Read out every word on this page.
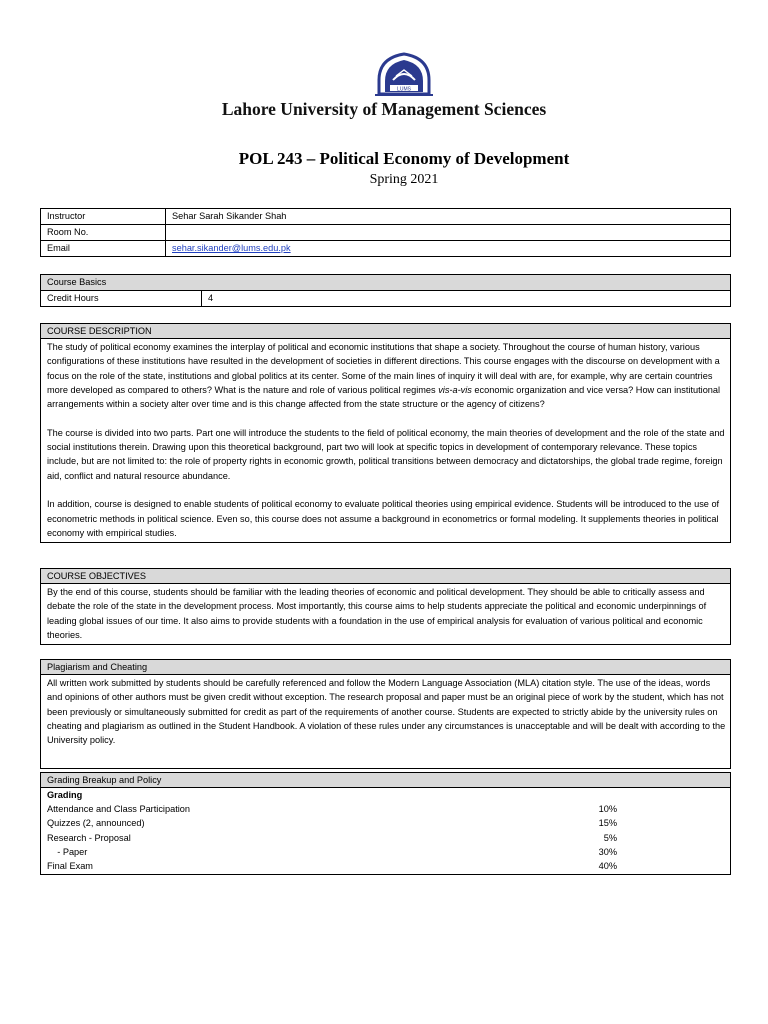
LUMS
Lahore University of Management Sciences
POL 243 – Political Economy of Development
Spring 2021
Instructor	Sehar Sarah Sikander Shah
Room No.	
Email	sehar.sikander@lums.edu.pk
Course Basics
Credit Hours	4
COURSE DESCRIPTION

The study of political economy examines the interplay of political and economic institutions that shape a society. Throughout the course of human history, various configurations of these institutions have resulted in the development of societies in different directions. This course engages with the discourse on development with a focus on the role of the state, institutions and global politics at its center. Some of the main lines of inquiry it will deal with are, for example, why are certain countries more developed as compared to others? What is the nature and role of various political regimes vis-a-vis economic organization and vice versa? How can institutional arrangements within a society alter over time and is this change affected from the state structure or the agency of citizens?

The course is divided into two parts. Part one will introduce the students to the field of political economy, the main theories of development and the role of the state and social institutions therein. Drawing upon this theoretical background, part two will look at specific topics in development of contemporary relevance. These topics include, but are not limited to: the role of property rights in economic growth, political transitions between democracy and dictatorships, the global trade regime, foreign aid, conflict and natural resource abundance.

In addition, course is designed to enable students of political economy to evaluate political theories using empirical evidence. Students will be introduced to the use of econometric methods in political science. Even so, this course does not assume a background in econometrics or formal modeling. It supplements theories in political economy with empirical studies.

COURSE OBJECTIVES
By the end of this course, students should be familiar with the leading theories of economic and political development. They should be able to critically assess and debate the role of the state in the development process. Most importantly, this course aims to help students appreciate the political and economic underpinnings of leading global issues of our time. It also aims to provide students with a foundation in the use of empirical analysis for evaluation of various political and economic theories.
Plagiarism and Cheating
All written work submitted by students should be carefully referenced and follow the Modern Language Association (MLA) citation style. The use of the ideas, words and opinions of other authors must be given credit without exception. The research proposal and paper must be an original piece of work by the student, which has not been previously or simultaneously submitted for credit as part of the requirements of another course. Students are expected to strictly abide by the university rules on cheating and plagiarism as outlined in the Student Handbook. A violation of these rules under any circumstances is unacceptable and will be dealt with according to the University policy.
Grading Breakup and Policy

Grading
Attendance and Class Participation	10%
Quizzes (2, announced)	15%
Research - Proposal	5%
- Paper	30%
Final Exam	40%
